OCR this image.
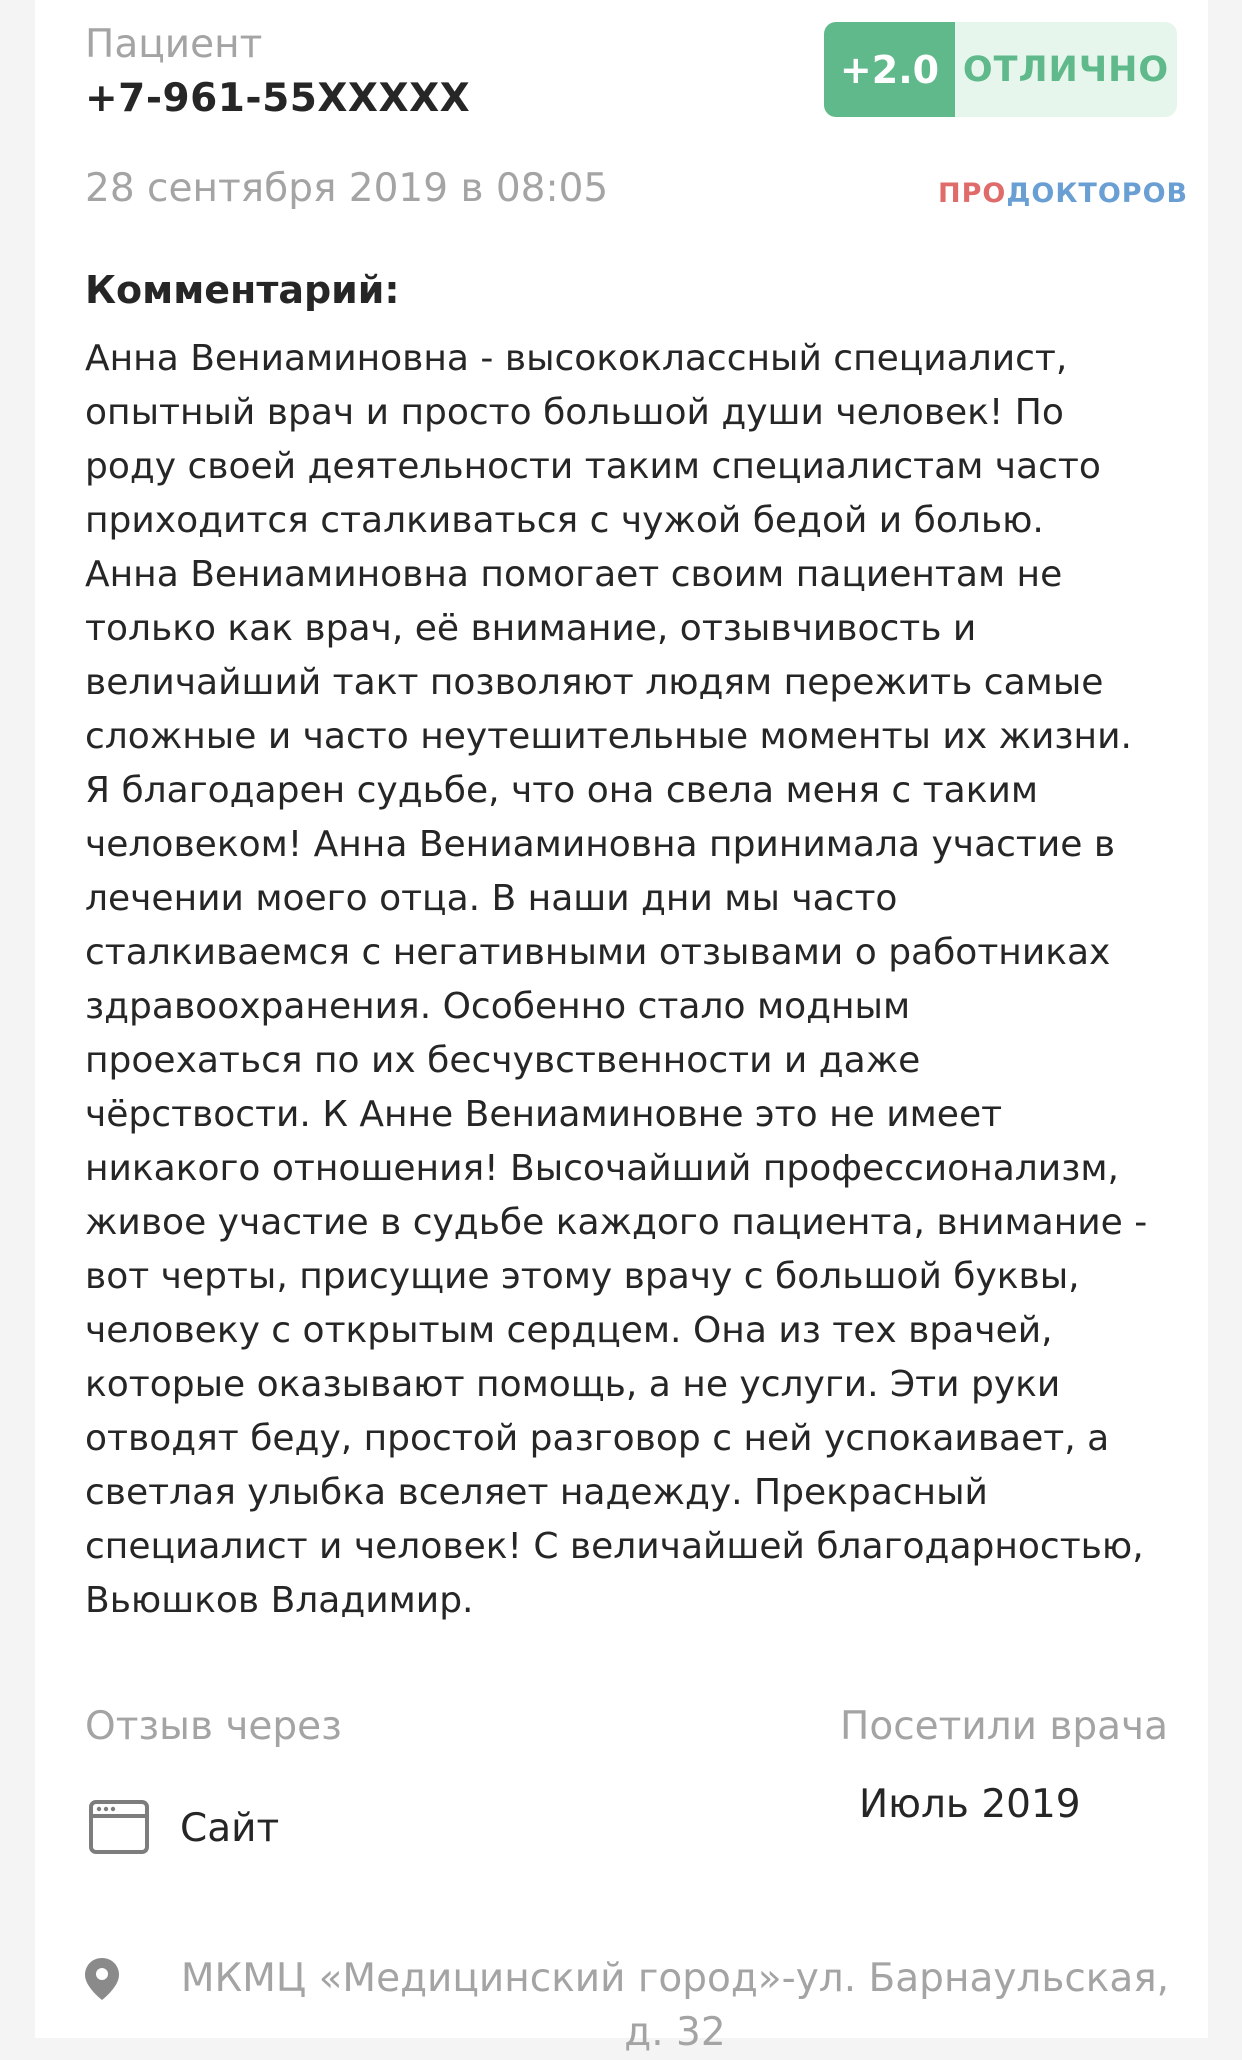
Пациент
+7-961-55XXXXX
+2.0 ОТЛИЧНО
28 сентября 2019 в 08:05	ПРОДОКТОРОВ
Комментарий:
Анна Вениаминовна - высококлассный специалист,
опытный врач и просто большой души человек! По
роду своей деятельности таким специалистам часто
приходится сталкиваться с чужой бедой и болью.
Анна Вениаминовна помогает своим пациентам не
только как врач, её внимание, отзывчивость и
величайший такт позволяют людям пережить самые
сложные и часто неутешительные моменты их жизни.
Я благодарен судьбе, что она свела меня с таким
человеком! Анна Вениаминовна принимала участие в
лечении моего отца. В наши дни мы часто
сталкиваемся с негативными отзывами о работниках
здравоохранения. Особенно стало модным
проехаться по их бесчувственности и даже
чёрствости. К Анне Вениаминовне это не имеет
никакого отношения! Высочайший профессионализм,
живое участие в судьбе каждого пациента, внимание -
вот черты, присущие этому врачу с большой буквы,
человеку с открытым сердцем. Она из тех врачей,
которые оказывают помощь, а не услуги. Эти руки
отводят беду, простой разговор с ней успокаивает, а
светлая улыбка вселяет надежду. Прекрасный
специалист и человек! С величайшей благодарностью,
Вьюшков Владимир.
Отзыв через	Посетили врача
Сайт
Июль 2019
МКМЦ «Медицинский город»-ул. Барнаульская, д. 32
